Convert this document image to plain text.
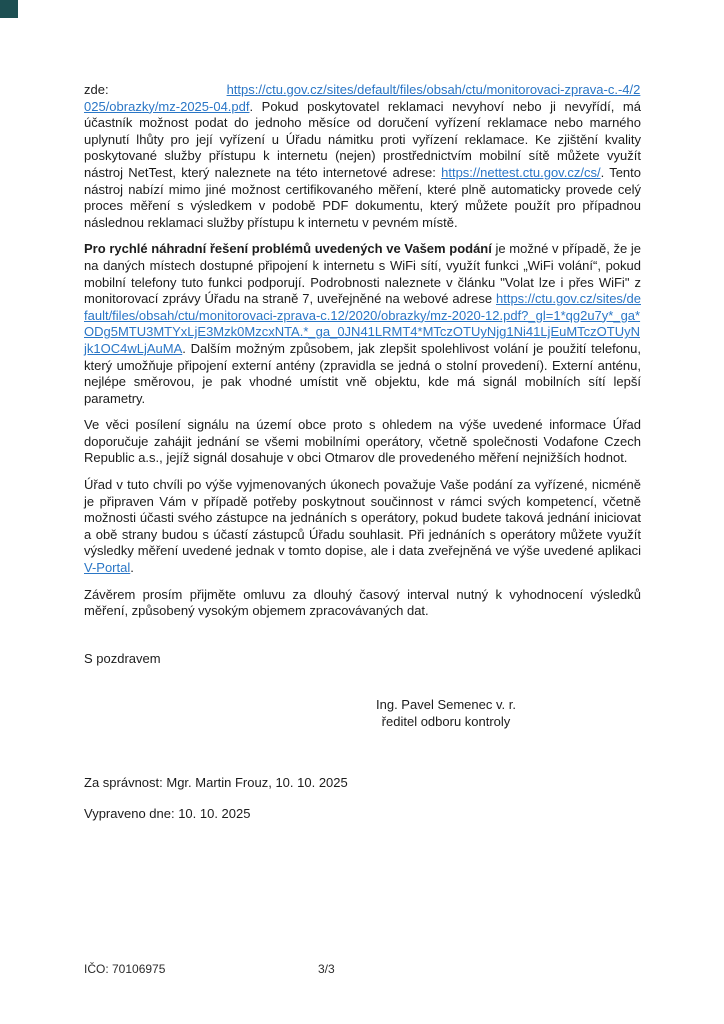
zde:	https://ctu.gov.cz/sites/default/files/obsah/ctu/monitorovaci-zprava-c.-4/2025/obrazky/mz-2025-04.pdf. Pokud poskytovatel reklamaci nevyhoví nebo ji nevyřídí, má účastník možnost podat do jednoho měsíce od doručení vyřízení reklamace nebo marného uplynutí lhůty pro její vyřízení u Úřadu námitku proti vyřízení reklamace. Ke zjištění kvality poskytované služby přístupu k internetu (nejen) prostřednictvím mobilní sítě můžete využít nástroj NetTest, který naleznete na této internetové adrese: https://nettest.ctu.gov.cz/cs/. Tento nástroj nabízí mimo jiné možnost certifikovaného měření, které plně automaticky provede celý proces měření s výsledkem v podobě PDF dokumentu, který můžete použít pro případnou následnou reklamaci služby přístupu k internetu v pevném místě.

Pro rychlé náhradní řešení problémů uvedených ve Vašem podání je možné v případě, že je na daných místech dostupné připojení k internetu s WiFi sítí, využít funkci „WiFi volání“, pokud mobilní telefony tuto funkci podporují. Podrobnosti naleznete v článku "Volat lze i přes WiFi" z monitorovací zprávy Úřadu na straně 7, uveřejněné na webové adrese https://ctu.gov.cz/sites/default/files/obsah/ctu/monitorovaci-zprava-c.12/2020/obrazky/mz-2020-12.pdf?_gl=1*qg2u7y*_ga*ODg5MTU3MTYxLjE3Mzk0MzcxNTA.*_ga_0JN41LRMT4*MTczOTUyNjg1Ni41LjEuMTczOTUyNjk1OC4wLjAuMA. Dalším možným způsobem, jak zlepšit spolehlivost volání je použití telefonu, který umožňuje připojení externí antény (zpravidla se jedná o stolní provedení). Externí anténu, nejlépe směrovou, je pak vhodné umístit vně objektu, kde má signál mobilních sítí lepší parametry.

Ve věci posílení signálu na území obce proto s ohledem na výše uvedené informace Úřad doporučuje zahájit jednání se všemi mobilními operátory, včetně společnosti Vodafone Czech Republic a.s., jejíž signál dosahuje v obci Otmarov dle provedeného měření nejnižších hodnot.

Úřad v tuto chvíli po výše vyjmenovaných úkonech považuje Vaše podání za vyřízené, nicméně je připraven Vám v případě potřeby poskytnout součinnost v rámci svých kompetencí, včetně možnosti účasti svého zástupce na jednáních s operátory, pokud budete taková jednání iniciovat a obě strany budou s účastí zástupců Úřadu souhlasit. Při jednáních s operátory můžete využít výsledky měření uvedené jednak v tomto dopise, ale i data zveřejněná ve výše uvedené aplikaci V-Portal.

Závěrem prosím přijměte omluvu za dlouhý časový interval nutný k vyhodnocení výsledků měření, způsobený vysokým objemem zpracovávaných dat.

S pozdravem
Ing. Pavel Semenec v. r.
ředitel odboru kontroly
Za správnost: Mgr. Martin Frouz, 10. 10. 2025
Vypraveno dne: 10. 10. 2025
IČO: 70106975	3/3
